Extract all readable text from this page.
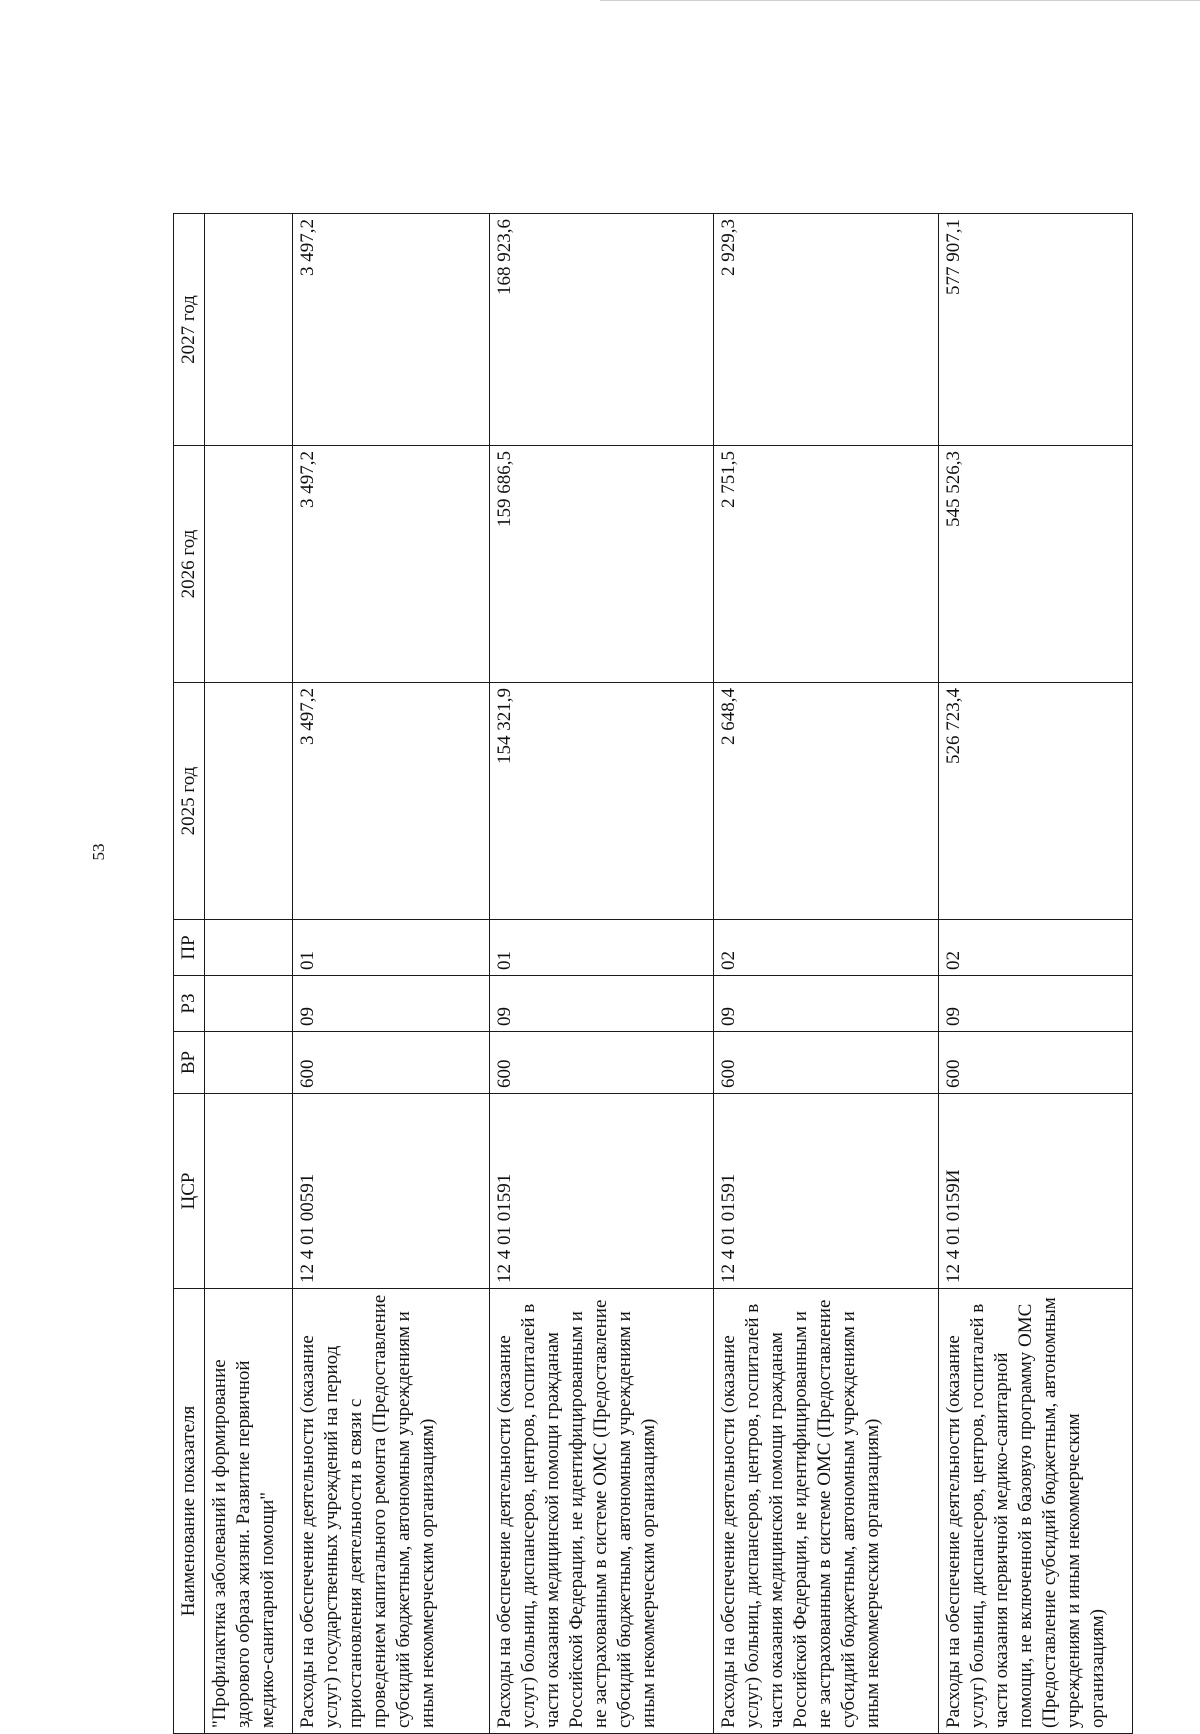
53
Наименование показателя	ЦСР	ВР	РЗ	ПР	2025 год	2026 год	2027 год
"Профилактика заболеваний и формирование здорового образа жизни. Развитие первичной медико-санитарной помощи"							
Расходы на обеспечение деятельности (оказание услуг) государственных учреждений на период приостановления деятельности в связи с проведением капитального ремонта (Предоставление субсидий бюджетным, автономным учреждениям и иным некоммерческим организациям)	12 4 01 00591	600	09	01	3 497,2	3 497,2	3 497,2
Расходы на обеспечение деятельности (оказание услуг) больниц, диспансеров, центров, госпиталей в части оказания медицинской помощи гражданам Российской Федерации, не идентифицированным и не застрахованным в системе ОМС (Предоставление субсидий бюджетным, автономным учреждениям и иным некоммерческим организациям)	12 4 01 01591	600	09	01	154 321,9	159 686,5	168 923,6
Расходы на обеспечение деятельности (оказание услуг) больниц, диспансеров, центров, госпиталей в части оказания медицинской помощи гражданам Российской Федерации, не идентифицированным и не застрахованным в системе ОМС (Предоставление субсидий бюджетным, автономным учреждениям и иным некоммерческим организациям)	12 4 01 01591	600	09	02	2 648,4	2 751,5	2 929,3
Расходы на обеспечение деятельности (оказание услуг) больниц, диспансеров, центров, госпиталей в части оказания первичной медико-санитарной помощи, не включенной в базовую программу ОМС (Предоставление субсидий бюджетным, автономным учреждениям и иным некоммерческим организациям)	12 4 01 0159И	600	09	02	526 723,4	545 526,3	577 907,1
